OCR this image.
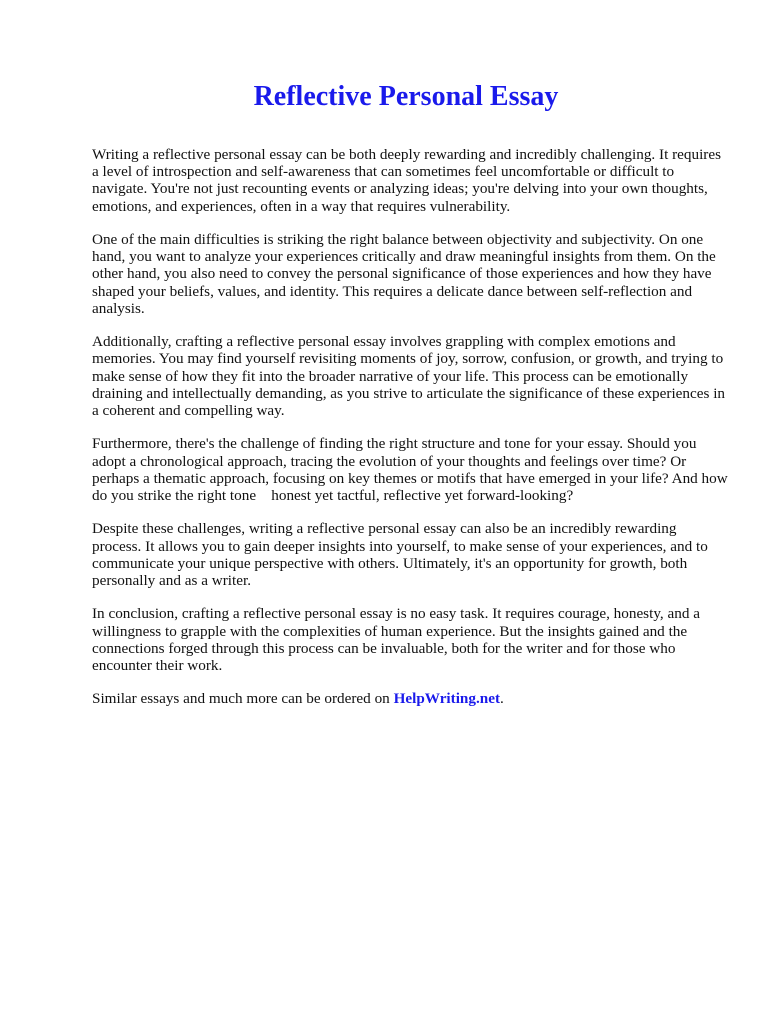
Reflective Personal Essay

Writing a reflective personal essay can be both deeply rewarding and incredibly challenging. It requires a level of introspection and self-awareness that can sometimes feel uncomfortable or difficult to navigate. You're not just recounting events or analyzing ideas; you're delving into your own thoughts, emotions, and experiences, often in a way that requires vulnerability.

One of the main difficulties is striking the right balance between objectivity and subjectivity. On one hand, you want to analyze your experiences critically and draw meaningful insights from them. On the other hand, you also need to convey the personal significance of those experiences and how they have shaped your beliefs, values, and identity. This requires a delicate dance between self-reflection and analysis.

Additionally, crafting a reflective personal essay involves grappling with complex emotions and memories. You may find yourself revisiting moments of joy, sorrow, confusion, or growth, and trying to make sense of how they fit into the broader narrative of your life. This process can be emotionally draining and intellectually demanding, as you strive to articulate the significance of these experiences in a coherent and compelling way.

Furthermore, there's the challenge of finding the right structure and tone for your essay. Should you adopt a chronological approach, tracing the evolution of your thoughts and feelings over time? Or perhaps a thematic approach, focusing on key themes or motifs that have emerged in your life? And how do you strike the right tone    honest yet tactful, reflective yet forward-looking?

Despite these challenges, writing a reflective personal essay can also be an incredibly rewarding process. It allows you to gain deeper insights into yourself, to make sense of your experiences, and to communicate your unique perspective with others. Ultimately, it's an opportunity for growth, both personally and as a writer.

In conclusion, crafting a reflective personal essay is no easy task. It requires courage, honesty, and a willingness to grapple with the complexities of human experience. But the insights gained and the connections forged through this process can be invaluable, both for the writer and for those who encounter their work.

Similar essays and much more can be ordered on HelpWriting.net.
